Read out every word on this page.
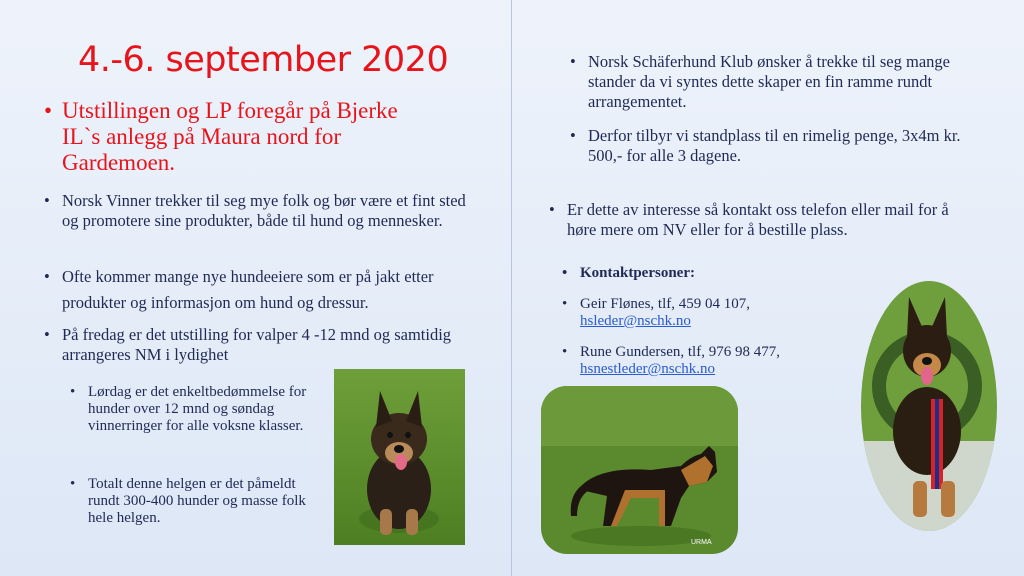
4.-6. september 2020
• Utstillingen og LP foregår på Bjerke IL`s anlegg på Maura nord for Gardemoen.
• Norsk Vinner trekker til seg mye folk og bør være et fint sted og promotere sine produkter, både til hund og mennesker.
• Ofte kommer mange nye hundeeiere som er på jakt etter produkter og informasjon om hund og dressur.
• På fredag er det utstilling for valper 4 -12 mnd og samtidig arrangeres NM i lydighet
• Lørdag er det enkeltbedømmelse for hunder over 12 mnd og søndag vinnerringer for alle voksne klasser.
• Totalt denne helgen er det påmeldt rundt 300-400 hunder og masse folk hele helgen.
• Norsk Schäferhund Klub ønsker å trekke til seg mange stander da vi syntes dette skaper en fin ramme rundt arrangementet.
• Derfor tilbyr vi standplass til en rimelig penge, 3x4m kr. 500,- for alle 3 dagene.
• Er dette av interesse så kontakt oss telefon eller mail for å høre mere om NV eller for å bestille plass.
• Kontaktpersoner:
• Geir Flønes, tlf, 459 04 107,
hsleder@nschk.no
• Rune Gundersen, tlf, 976 98 477,
hsnestleder@nschk.no
URMA
